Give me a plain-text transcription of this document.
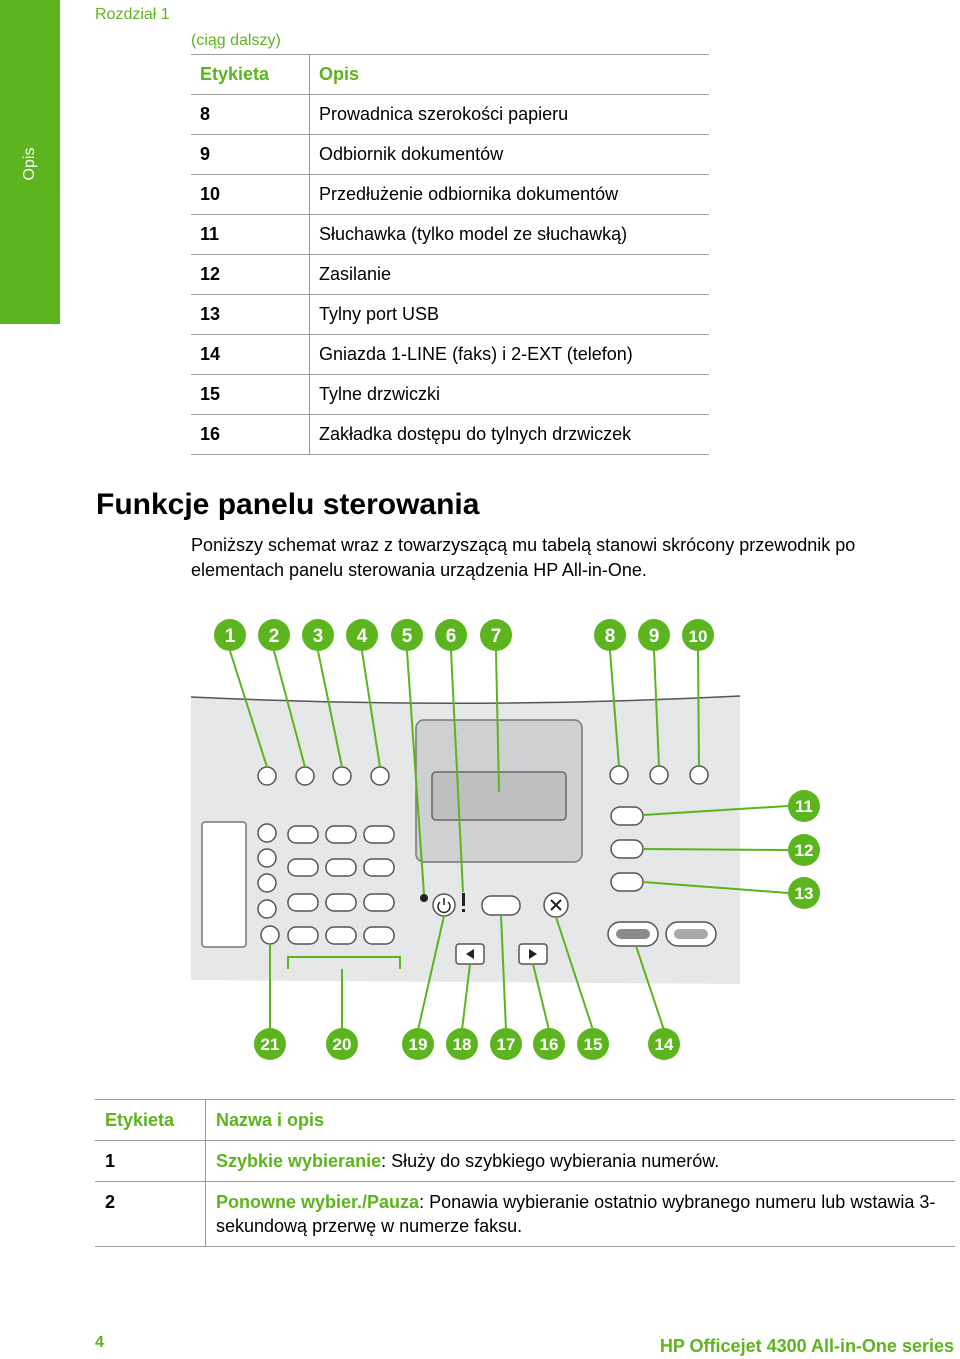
Opis
Rozdział 1
(ciąg dalszy)
Etykieta	Opis
8	Prowadnica szerokości papieru
9	Odbiornik dokumentów
10	Przedłużenie odbiornika dokumentów
11	Słuchawka (tylko model ze słuchawką)
12	Zasilanie
13	Tylny port USB
14	Gniazda 1-LINE (faks) i 2-EXT (telefon)
15	Tylne drzwiczki
16	Zakładka dostępu do tylnych drzwiczek
Funkcje panelu sterowania

Poniższy schemat wraz z towarzyszącą mu tabelą stanowi skrócony przewodnik po elementach panelu sterowania urządzenia HP All-in-One.

1 2 3 4 5 6 7	8 9 10
11
12
13
21	20	19 18 17 16 15	14
Etykieta	Nazwa i opis
1	Szybkie wybieranie: Służy do szybkiego wybierania numerów.
2	Ponowne wybier./Pauza: Ponawia wybieranie ostatnio wybranego numeru lub wstawia 3-sekundową przerwę w numerze faksu.
4	HP Officejet 4300 All-in-One series
